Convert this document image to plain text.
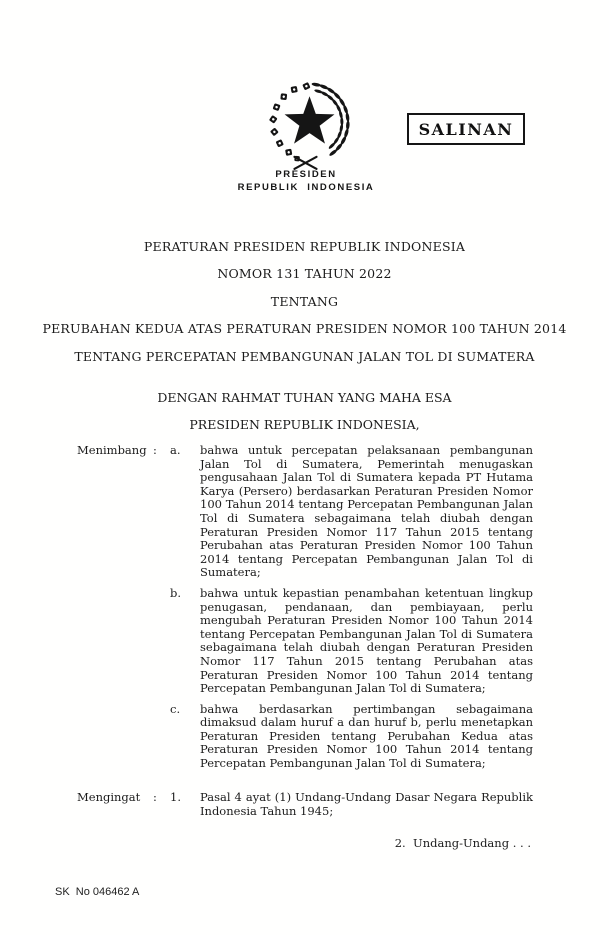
SALINAN
PRESIDEN
REPUBLIK INDONESIA
PERATURAN PRESIDEN REPUBLIK INDONESIA
NOMOR 131 TAHUN 2022
TENTANG
PERUBAHAN KEDUA ATAS PERATURAN PRESIDEN NOMOR 100 TAHUN 2014
TENTANG PERCEPATAN PEMBANGUNAN JALAN TOL DI SUMATERA
DENGAN RAHMAT TUHAN YANG MAHA ESA
PRESIDEN REPUBLIK INDONESIA,
Menimbang :	a.	bahwa untuk percepatan pelaksanaan pembangunan Jalan Tol di Sumatera, Pemerintah menugaskan pengusahaan Jalan Tol di Sumatera kepada PT Hutama Karya (Persero) berdasarkan Peraturan Presiden Nomor 100 Tahun 2014 tentang Percepatan Pembangunan Jalan Tol di Sumatera sebagaimana telah diubah dengan Peraturan Presiden Nomor 117 Tahun 2015 tentang Perubahan atas Peraturan Presiden Nomor 100 Tahun 2014 tentang Percepatan Pembangunan Jalan Tol di Sumatera;

b.	bahwa untuk kepastian penambahan ketentuan lingkup penugasan, pendanaan, dan pembiayaan, perlu mengubah Peraturan Presiden Nomor 100 Tahun 2014 tentang Percepatan Pembangunan Jalan Tol di Sumatera sebagaimana telah diubah dengan Peraturan Presiden Nomor 117 Tahun 2015 tentang Perubahan atas Peraturan Presiden Nomor 100 Tahun 2014 tentang Percepatan Pembangunan Jalan Tol di Sumatera;

c.	bahwa berdasarkan pertimbangan sebagaimana dimaksud dalam huruf a dan huruf b, perlu menetapkan Peraturan Presiden tentang Perubahan Kedua atas Peraturan Presiden Nomor 100 Tahun 2014 tentang Percepatan Pembangunan Jalan Tol di Sumatera;

Mengingat	:	1.	Pasal 4 ayat (1) Undang-Undang Dasar Negara Republik Indonesia Tahun 1945;

2.  Undang-Undang . . .
SK  No 046462 A
